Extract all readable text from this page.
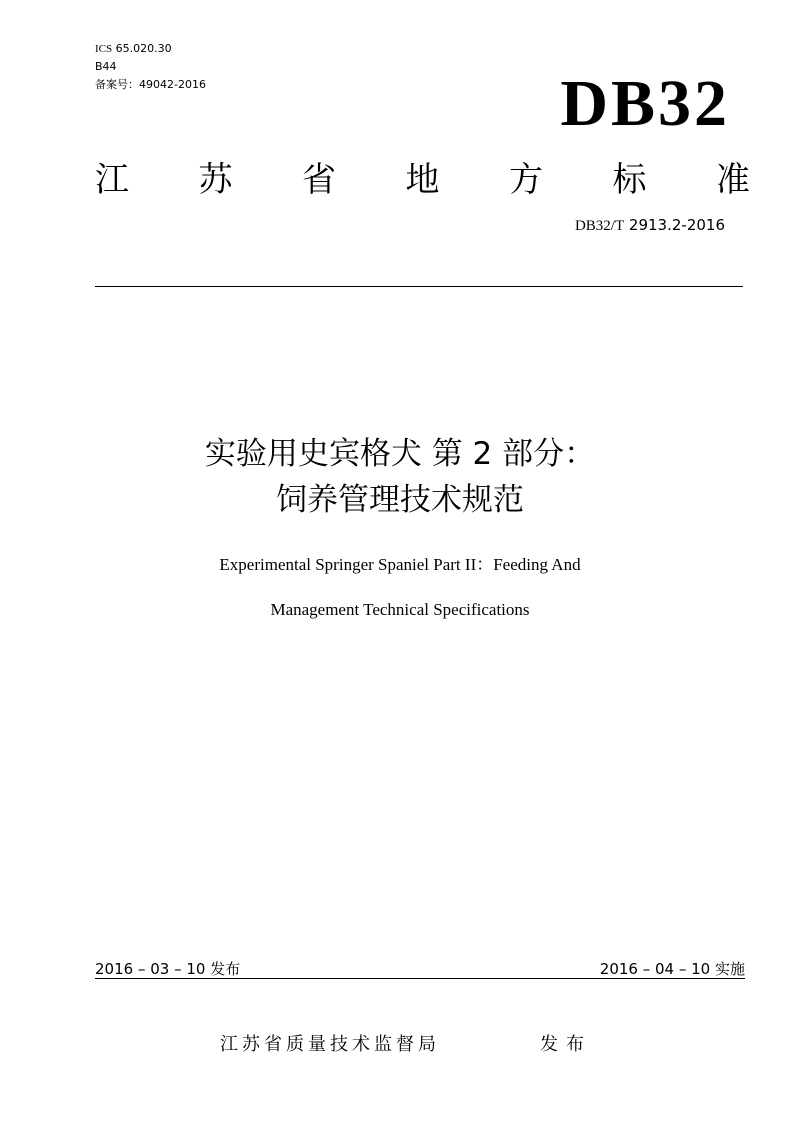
ICS 65.020.30
B44
备案号：49042-2016	DB32
江 苏 省 地 方 标 准
DB32/T 2913.2-2016
实验用史宾格犬 第 2 部分：
饲养管理技术规范
Experimental Springer Spaniel Part II：Feeding And
Management Technical Specifications
2016 – 03 – 10 发布	2016 – 04 – 10 实施
江苏省质量技术监督局	发布
